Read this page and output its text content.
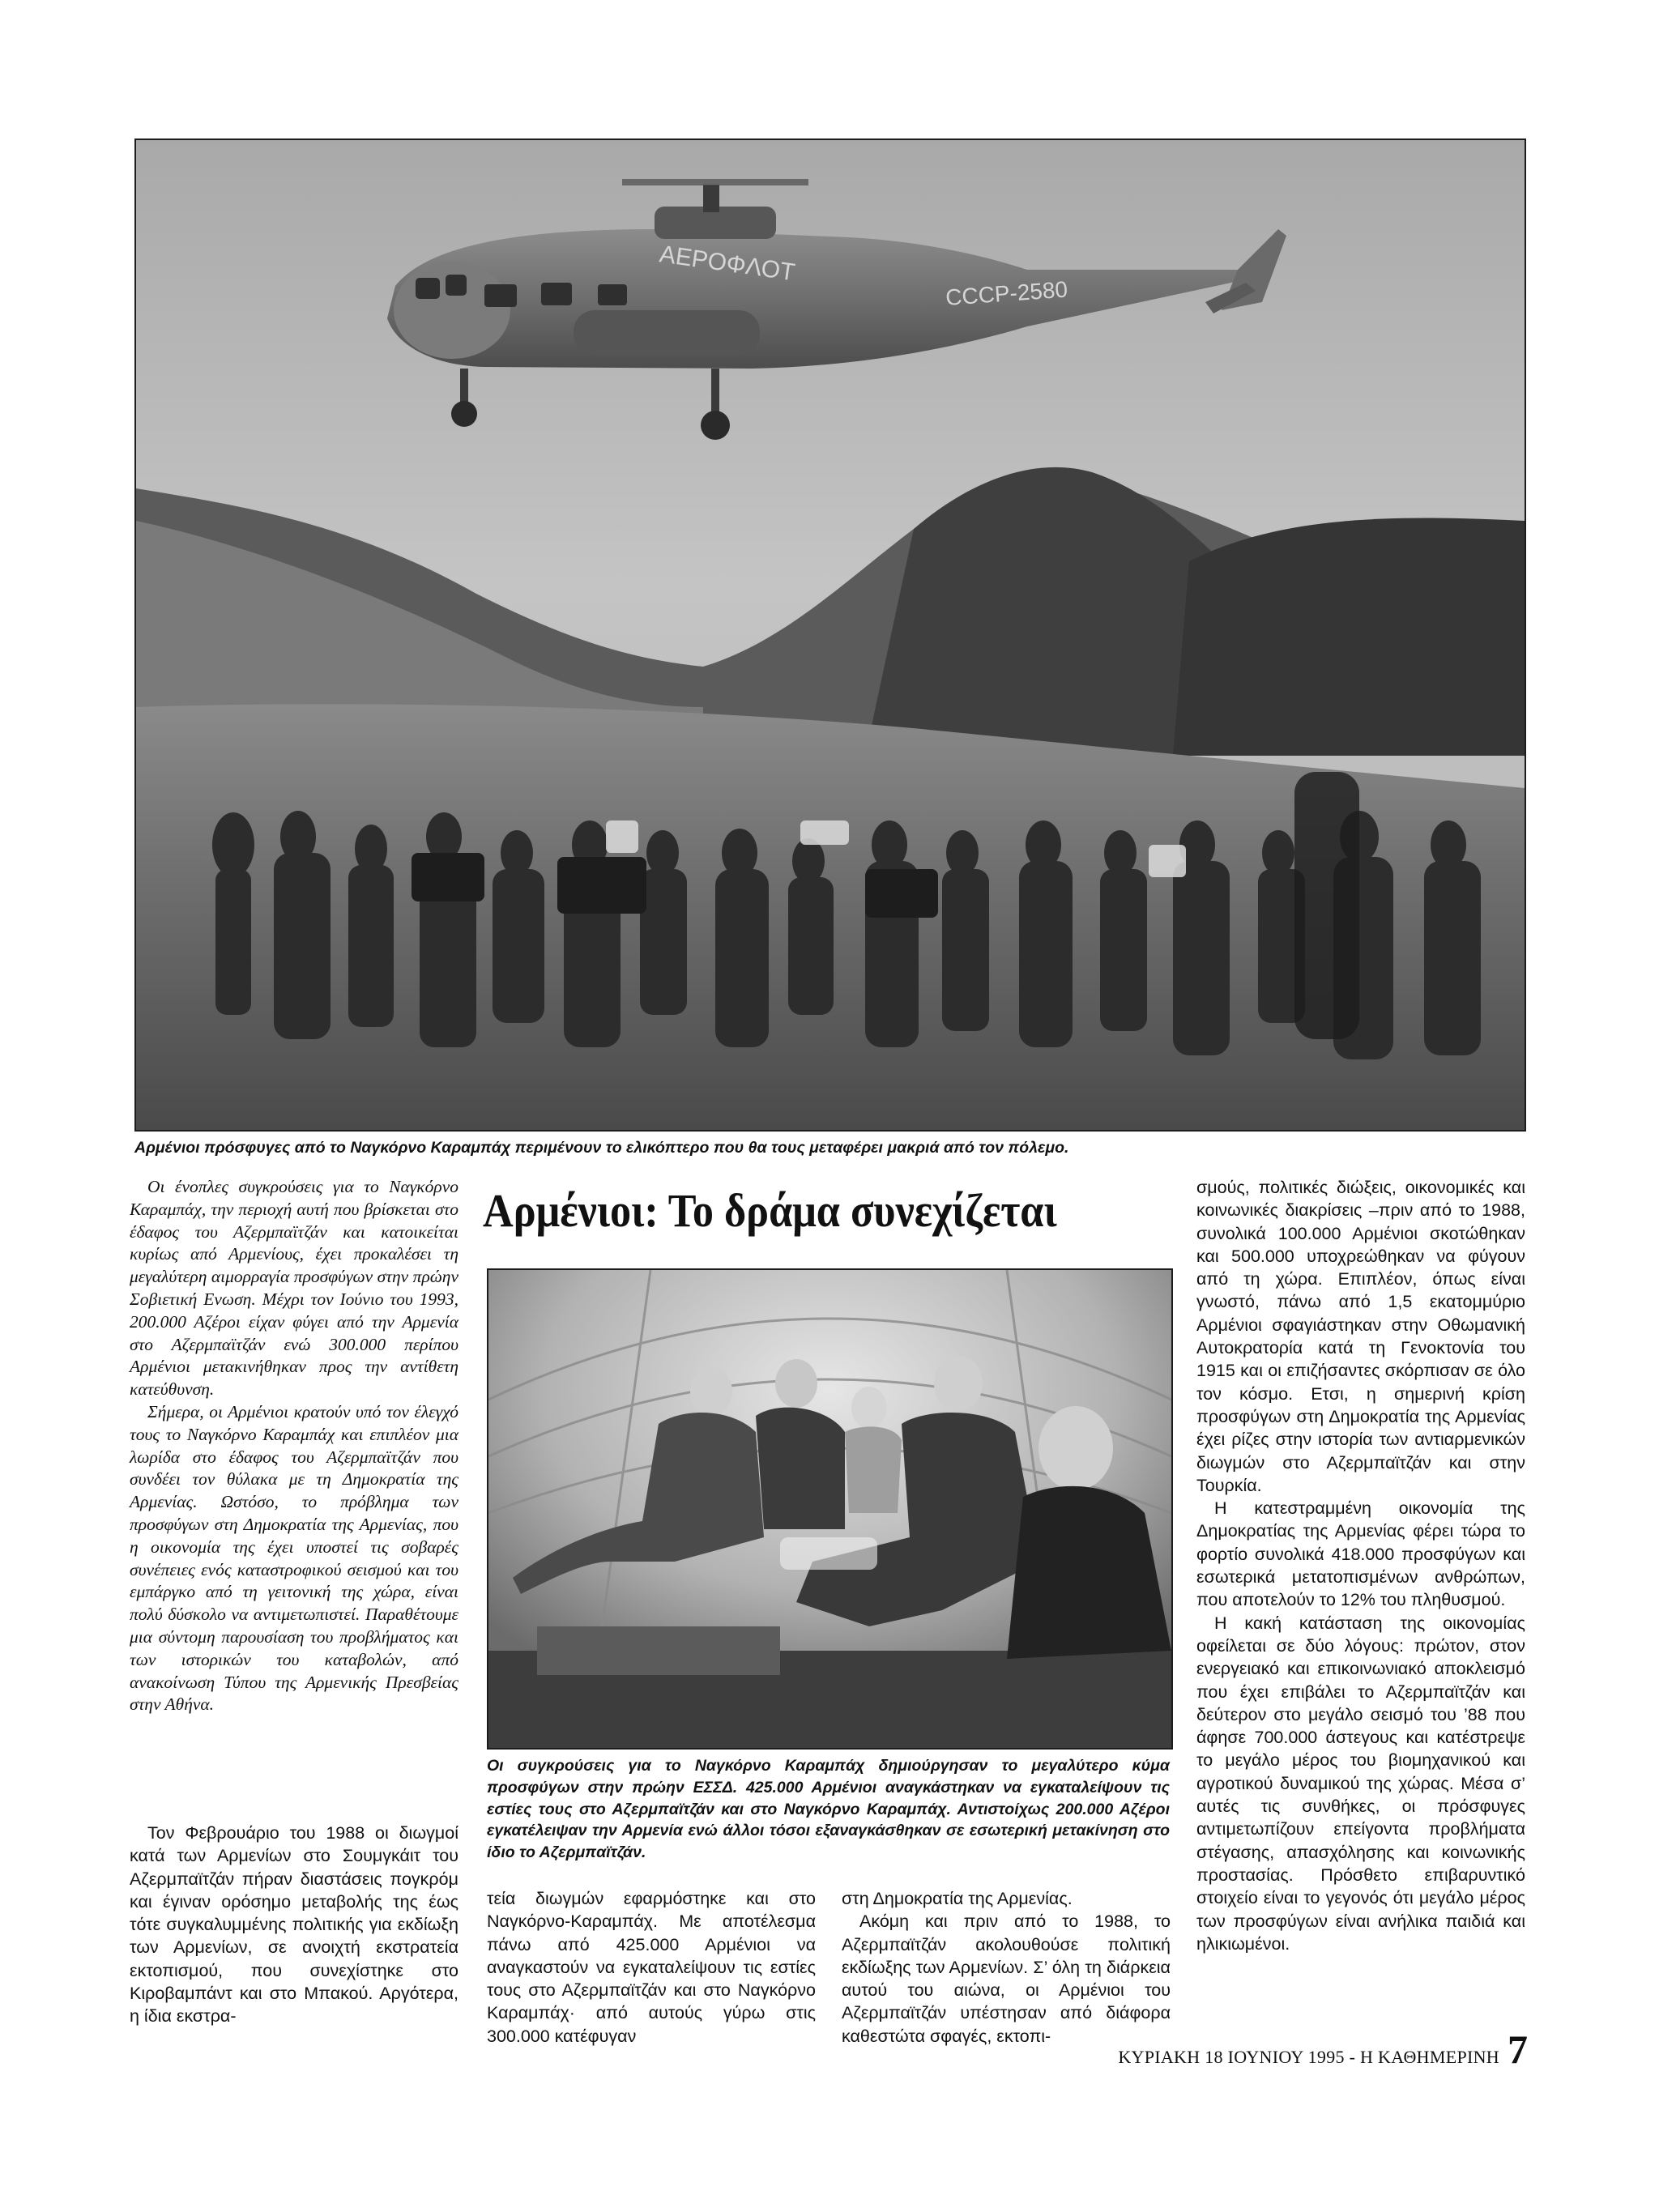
ΑΕΡΟΦΛΟΤ
СССР-2580

Αρμένιοι πρόσφυγες από το Ναγκόρνο Καραμπάχ περιμένουν το ελικόπτερο που θα τους μεταφέρει μακριά από τον πόλεμο.

Οι ένοπλες συγκρούσεις για το Ναγκόρνο Καραμπάχ, την περιοχή αυτή που βρίσκεται στο έδαφος του Αζερμπαϊτζάν και κατοικείται κυρίως από Αρμενίους, έχει προκαλέσει τη μεγαλύτερη αιμορραγία προσφύγων στην πρώην Σοβιετική Ενωση. Μέχρι τον Ιούνιο του 1993, 200.000 Αζέροι είχαν φύγει από την Αρμενία στο Αζερμπαϊτζάν ενώ 300.000 περίπου Αρμένιοι μετακινήθηκαν προς την αντίθετη κατεύθυνση.

Σήμερα, οι Αρμένιοι κρατούν υπό τον έλεγχό τους το Ναγκόρνο Καραμπάχ και επιπλέον μια λωρίδα στο έδαφος του Αζερμπαϊτζάν που συνδέει τον θύλακα με τη Δημοκρατία της Αρμενίας. Ωστόσο, το πρόβλημα των προσφύγων στη Δημοκρατία της Αρμενίας, που η οικονομία της έχει υποστεί τις σοβαρές συνέπειες ενός καταστροφικού σεισμού και του εμπάργκο από τη γειτονική της χώρα, είναι πολύ δύσκολο να αντιμετωπιστεί. Παραθέτουμε μια σύντομη παρουσίαση του προβλήματος και των ιστορικών του καταβολών, από ανακοίνωση Τύπου της Αρμενικής Πρεσβείας στην Αθήνα.

Τον Φεβρουάριο του 1988 οι διωγμοί κατά των Αρμενίων στο Σουμγκάιτ του Αζερμπαϊτζάν πήραν διαστάσεις πογκρόμ και έγιναν ορόσημο μεταβολής της έως τότε συγκαλυμμένης πολιτικής για εκδίωξη των Αρμενίων, σε ανοιχτή εκστρατεία εκτοπισμού, που συνεχίστηκε στο Κιροβαμπάντ και στο Μπακού. Αργότερα, η ίδια εκστρα-

Αρμένιοι: Το δράμα συνεχίζεται

Οι συγκρούσεις για το Ναγκόρνο Καραμπάχ δημιούργησαν το μεγαλύτερο κύμα προσφύγων στην πρώην ΕΣΣΔ. 425.000 Αρμένιοι αναγκάστηκαν να εγκαταλείψουν τις εστίες τους στο Αζερμπαϊτζάν και στο Ναγκόρνο Καραμπάχ. Αντιστοίχως 200.000 Αζέροι εγκατέλειψαν την Αρμενία ενώ άλλοι τόσοι εξαναγκάσθηκαν σε εσωτερική μετακίνηση στο ίδιο το Αζερμπαϊτζάν.

τεία διωγμών εφαρμόστηκε και στο Ναγκόρνο-Καραμπάχ. Με αποτέλεσμα πάνω από 425.000 Αρμένιοι να αναγκαστούν να εγκαταλείψουν τις εστίες τους στο Αζερμπαϊτζάν και στο Ναγκόρνο Καραμπάχ· από αυτούς γύρω στις 300.000 κατέφυγαν

στη Δημοκρατία της Αρμενίας.

Ακόμη και πριν από το 1988, το Αζερμπαϊτζάν ακολουθούσε πολιτική εκδίωξης των Αρμενίων. Σ’ όλη τη διάρκεια αυτού του αιώνα, οι Αρμένιοι του Αζερμπαϊτζάν υπέστησαν από διάφορα καθεστώτα σφαγές, εκτοπι-

σμούς, πολιτικές διώξεις, οικονομικές και κοινωνικές διακρίσεις –πριν από το 1988, συνολικά 100.000 Αρμένιοι σκοτώθηκαν και 500.000 υποχρεώθηκαν να φύγουν από τη χώρα. Επιπλέον, όπως είναι γνωστό, πάνω από 1,5 εκατομμύριο Αρμένιοι σφαγιάστηκαν στην Οθωμανική Αυτοκρατορία κατά τη Γενοκτονία του 1915 και οι επιζήσαντες σκόρπισαν σε όλο τον κόσμο. Ετσι, η σημερινή κρίση προσφύγων στη Δημοκρατία της Αρμενίας έχει ρίζες στην ιστορία των αντιαρμενικών διωγμών στο Αζερμπαϊτζάν και στην Τουρκία.

Η κατεστραμμένη οικονομία της Δημοκρατίας της Αρμενίας φέρει τώρα το φορτίο συνολικά 418.000 προσφύγων και εσωτερικά μετατοπισμένων ανθρώπων, που αποτελούν το 12% του πληθυσμού.

Η κακή κατάσταση της οικονομίας οφείλεται σε δύο λόγους: πρώτον, στον ενεργειακό και επικοινωνιακό αποκλεισμό που έχει επιβάλει το Αζερμπαϊτζάν και δεύτερον στο μεγάλο σεισμό του ’88 που άφησε 700.000 άστεγους και κατέστρεψε το μεγάλο μέρος του βιομηχανικού και αγροτικού δυναμικού της χώρας. Μέσα σ’ αυτές τις συνθήκες, οι πρόσφυγες αντιμετωπίζουν επείγοντα προβλήματα στέγασης, απασχόλησης και κοινωνικής προστασίας. Πρόσθετο επιβαρυντικό στοιχείο είναι το γεγονός ότι μεγάλο μέρος των προσφύγων είναι ανήλικα παιδιά και ηλικιωμένοι.

ΚΥΡΙΑΚΗ 18 ΙΟΥΝΙΟΥ 1995 - Η ΚΑΘΗΜΕΡΙΝΗ 7
